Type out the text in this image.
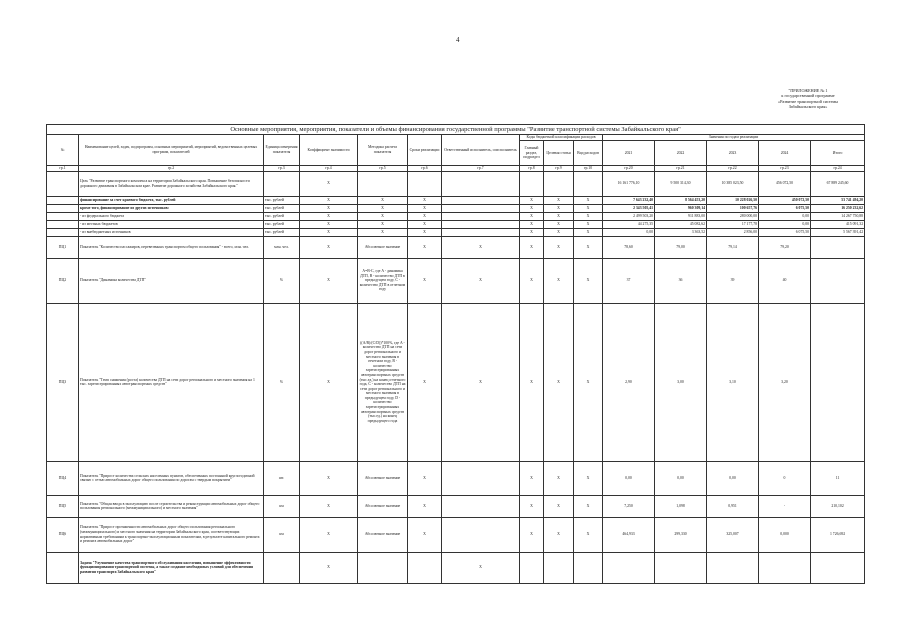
4
"ПРИЛОЖЕНИЕ № 1
к государственной программе
«Развитие транспортной системы
Забайкальского края»
Основные мероприятия, мероприятия, показатели и объемы финансирования государственной программы "Развитие транспортной системы Забайкальского края"														
№	Наименование целей, задач, подпрограмм, основных мероприятий, мероприятий, ведомственных целевых программ, показателей	Единица измерения показателя	Коэффициент значимости	Методика расчета показателя	Сроки реализации	Ответственный исполнитель, соисполнитель	Коды бюджетной классификации расходов			Значения по годам реализации				
							Главный раздел, подраздел	Целевая статья	Вид расходов	2021	2022	2023	2024	Итого
гр.1	гр.2	гр.3	гр.4	гр.5	гр.6	гр.7	гр.8	гр.9	гр.10	гр.20	гр.21	гр.22	гр.23	гр.24
	Цель "Развитие транспортного комплекса на территории Забайкальского края. Повышение безопасности дорожного движения в Забайкальском крае. Развитие дорожного хозяйства Забайкальского края."		X							16 161 776,10	9 500 314,30	10 385 023,50	456 072,50	67 889 245,60
	финансирование за счет краевого бюджета, тыс. рублей	тыс. рублей	X	X	X		X	X	X	7 643 232,40	8 564 453,20	10 228 026,50	450 072,50	53 741 494,20
	кроме того, финансирование из других источников:	тыс. рублей	X	X	X		X	X	X	2 343 505,41	960 309,14	100 657,76	6 075,50	16 250 232,62
	- из федерального бюджета	тыс. рублей	X	X	X		X	X	X	2 499 503,20	911 883,00	280 000,00	0,00	14 267 750,88
	- из местных бюджетов	тыс. рублей	X	X	X		X	X	X	44 275,35	45 082,62	17 177,78	0,00	415 091,32
	- из внебюджетных источников	тыс. рублей	X	X	X		X	X	X	0,00	3 363,52	2 856,00	6 075,50	5 567 391,42
ПЦ1	Показатель "Количество пассажиров, перевезенных транспортом общего пользования" - всего, млн. чел.	млн. чел.	X	Абсолютное значение	X	X	X	X	X	78,60	79,00	79,14	79,20	
ПЦ2	Показатель "Динамика количества ДТП"	%	X	A=B-C, где A - динамика ДТП, B - количество ДТП в предыдущем году, C - количество ДТП в отчетном году	X	X	X	X	X	37	36	39	40	
ПЦ3	Показатель "Темп снижения (роста) количества ДТП на сети дорог регионального и местного значения на 1 тыс. зарегистрированных автотранспортных средств"	%	X	((A/B)/(C/D))*100%, где A - количество ДТП на сети дорог регионального и местного значения в отчетном году, B - количество зарегистрированных автотранспортных средств (тыс.ед.) на конец отчетного года, C - количество ДТП на сети дорог регионального и местного значения в предыдущем году, D - количество зарегистрированных автотранспортных средств (тыс.ед.) на конец предыдущего года	X	X	X	X	X	2,90	3,00	3,10	3,20	
ПЦ4	Показатель "Прирост количества сельских населенных пунктов, обеспеченных постоянной круглогодичной связью с сетью автомобильных дорог общего пользования по дорогам с твердым покрытием"	шт.	X	Абсолютное значение	X		X	X	X	0,00	0,00	0,00	0	11
ПЦ5	Показатель "Общая ввода в эксплуатацию после строительства и реконструкции автомобильных дорог общего пользования регионального (межмуниципального) и местного значения"	км	X	Абсолютное значение	X		X	X	X	7,250	1,098	0,951	-	210,102
ПЦ6	Показатель "Прирост протяженности автомобильных дорог общего пользования регионального (межмуниципального) и местного значения на территории Забайкальского края, соответствующих нормативным требованиям к транспортно-эксплуатационным показателям, в результате капитального ремонта и ремонта автомобильных дорог"	км	X	Абсолютное значение	X		X	X	X	464,933	299,330	325,007	0,000	1 726,692
	Задача "Улучшение качества транспортного обслуживания населения, повышение эффективности функционирования транспортной системы, а также создание необходимых условий для обеспечения развития транспорта Забайкальского края"		X			X								
